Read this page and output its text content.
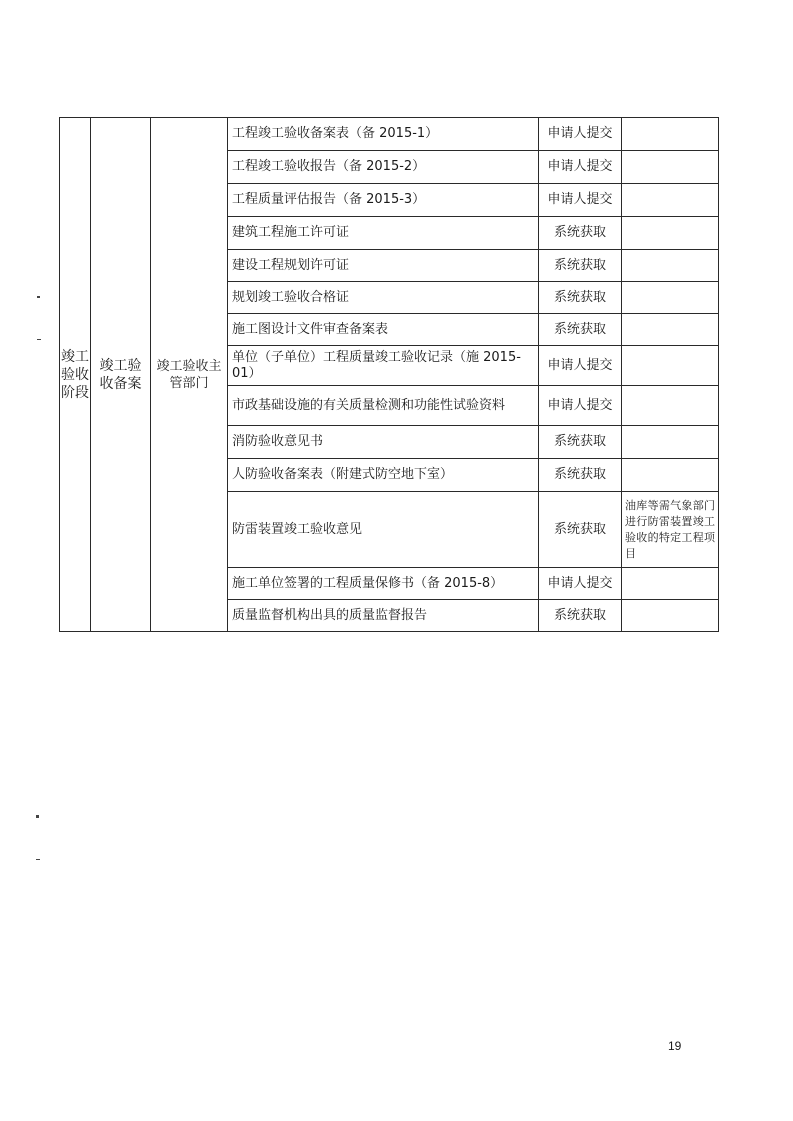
竣工验收阶段	竣工验收备案	竣工验收主管部门	工程竣工验收备案表（备 2015-1）	申请人提交	
			工程竣工验收报告（备 2015-2）	申请人提交	
			工程质量评估报告（备 2015-3）	申请人提交	
			建筑工程施工许可证	系统获取	
			建设工程规划许可证	系统获取	
			规划竣工验收合格证	系统获取	
			施工图设计文件审查备案表	系统获取	
			单位（子单位）工程质量竣工验收记录（施 2015-01）	申请人提交	
			市政基础设施的有关质量检测和功能性试验资料	申请人提交	
			消防验收意见书	系统获取	
			人防验收备案表（附建式防空地下室）	系统获取	
			防雷装置竣工验收意见	系统获取	油库等需气象部门进行防雷装置竣工验收的特定工程项目
			施工单位签署的工程质量保修书（备 2015-8）	申请人提交	
			质量监督机构出具的质量监督报告	系统获取	
19
